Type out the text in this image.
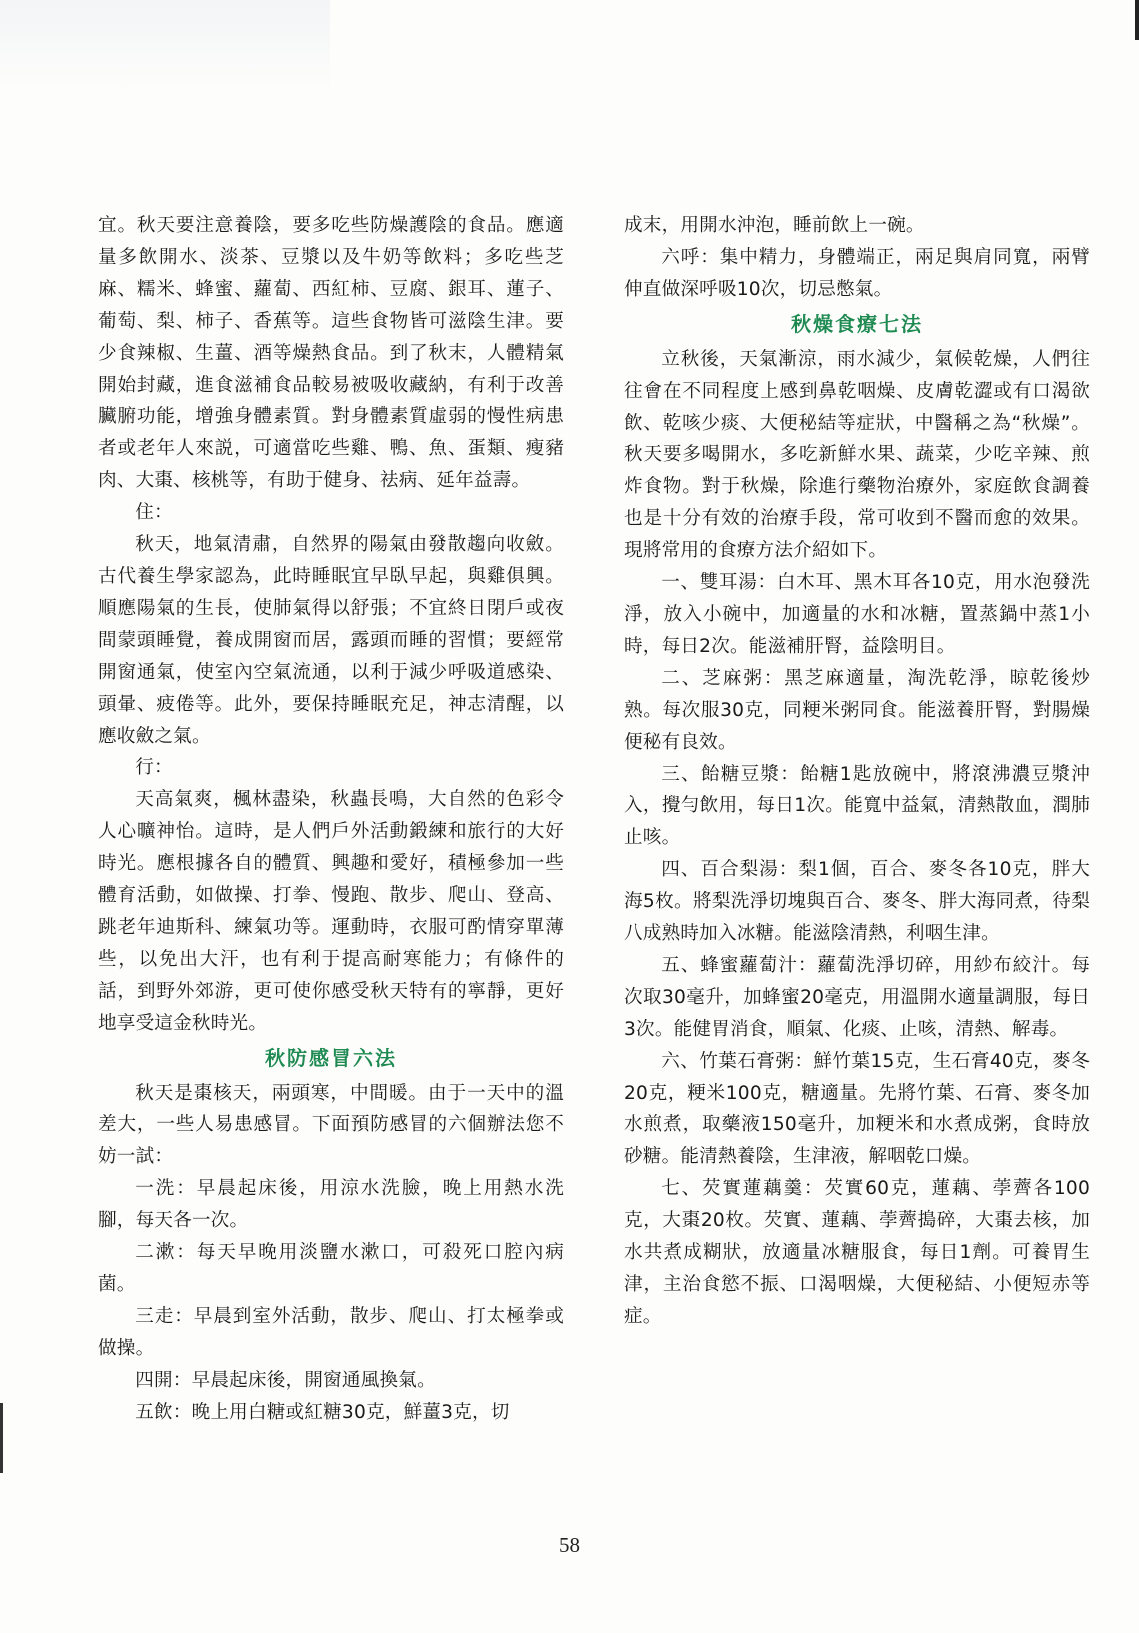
宜。秋天要注意養陰，要多吃些防燥護陰的食品。應適量多飲開水、淡茶、豆漿以及牛奶等飲料；多吃些芝麻、糯米、蜂蜜、蘿蔔、西紅柿、豆腐、銀耳、蓮子、葡萄、梨、柿子、香蕉等。這些食物皆可滋陰生津。要少食辣椒、生薑、酒等燥熱食品。到了秋末，人體精氣開始封藏，進食滋補食品較易被吸收藏納，有利于改善臟腑功能，增強身體素質。對身體素質虛弱的慢性病患者或老年人來説，可適當吃些雞、鴨、魚、蛋類、瘦豬肉、大棗、核桃等，有助于健身、祛病、延年益壽。

住：

秋天，地氣清肅，自然界的陽氣由發散趨向收斂。古代養生學家認為，此時睡眠宜早臥早起，與雞俱興。順應陽氣的生長，使肺氣得以舒張；不宜終日閉戶或夜間蒙頭睡覺，養成開窗而居，露頭而睡的習慣；要經常開窗通氣，使室內空氣流通，以利于減少呼吸道感染、頭暈、疲倦等。此外，要保持睡眠充足，神志清醒，以應收斂之氣。

行：

天高氣爽，楓林盡染，秋蟲長鳴，大自然的色彩令人心曠神怡。這時，是人們戶外活動鍛練和旅行的大好時光。應根據各自的體質、興趣和愛好，積極參加一些體育活動，如做操、打拳、慢跑、散步、爬山、登高、跳老年迪斯科、練氣功等。運動時，衣服可酌情穿單薄些，以免出大汗，也有利于提高耐寒能力；有條件的話，到野外郊游，更可使你感受秋天特有的寧靜，更好地享受這金秋時光。

秋防感冒六法

秋天是棗核天，兩頭寒，中間暖。由于一天中的溫差大，一些人易患感冒。下面預防感冒的六個辦法您不妨一試：

一洗：早晨起床後，用涼水洗臉，晚上用熱水洗腳，每天各一次。

二漱：每天早晚用淡鹽水漱口，可殺死口腔內病菌。

三走：早晨到室外活動，散步、爬山、打太極拳或做操。

四開：早晨起床後，開窗通風換氣。

五飲：晚上用白糖或紅糖30克，鮮薑3克，切

成末，用開水沖泡，睡前飲上一碗。

六呼：集中精力，身體端正，兩足與肩同寬，兩臂伸直做深呼吸10次，切忌憋氣。

秋燥食療七法

立秋後，天氣漸涼，雨水減少，氣候乾燥，人們往往會在不同程度上感到鼻乾咽燥、皮膚乾澀或有口渴欲飲、乾咳少痰、大便秘結等症狀，中醫稱之為“秋燥”。秋天要多喝開水，多吃新鮮水果、蔬菜，少吃辛辣、煎炸食物。對于秋燥，除進行藥物治療外，家庭飲食調養也是十分有效的治療手段，常可收到不醫而愈的效果。現將常用的食療方法介紹如下。

一、雙耳湯：白木耳、黑木耳各10克，用水泡發洗淨，放入小碗中，加適量的水和冰糖，置蒸鍋中蒸1小時，每日2次。能滋補肝腎，益陰明目。

二、芝麻粥：黑芝麻適量，淘洗乾淨，晾乾後炒熟。每次服30克，同粳米粥同食。能滋養肝腎，對腸燥便秘有良效。

三、飴糖豆漿：飴糖1匙放碗中，將滾沸濃豆漿沖入，攪勻飲用，每日1次。能寬中益氣，清熱散血，潤肺止咳。

四、百合梨湯：梨1個，百合、麥冬各10克，胖大海5枚。將梨洗淨切塊與百合、麥冬、胖大海同煮，待梨八成熟時加入冰糖。能滋陰清熱，利咽生津。

五、蜂蜜蘿蔔汁：蘿蔔洗淨切碎，用紗布絞汁。每次取30毫升，加蜂蜜20毫克，用溫開水適量調服，每日3次。能健胃消食，順氣、化痰、止咳，清熱、解毒。

六、竹葉石膏粥：鮮竹葉15克，生石膏40克，麥冬20克，粳米100克，糖適量。先將竹葉、石膏、麥冬加水煎煮，取藥液150毫升，加粳米和水煮成粥，食時放砂糖。能清熱養陰，生津液，解咽乾口燥。

七、芡實蓮藕羹：芡實60克，蓮藕、荸薺各100克，大棗20枚。芡實、蓮藕、荸薺搗碎，大棗去核，加水共煮成糊狀，放適量冰糖服食，每日1劑。可養胃生津，主治食慾不振、口渴咽燥，大便秘結、小便短赤等症。

58
